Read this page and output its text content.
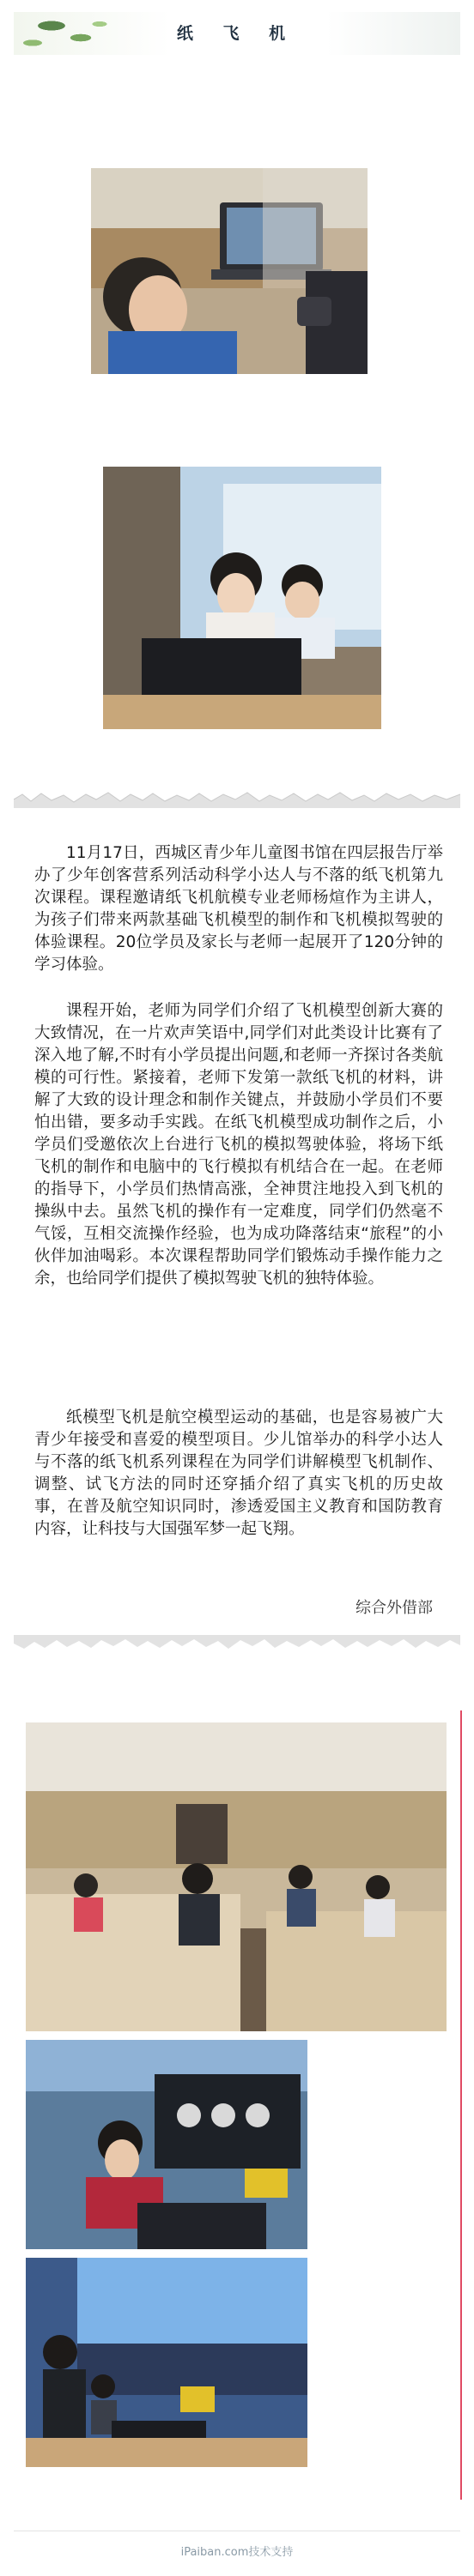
纸 飞 机

11月17日，西城区青少年儿童图书馆在四层报告厅举办了少年创客营系列活动科学小达人与不落的纸飞机第九次课程。课程邀请纸飞机航模专业老师杨煊作为主讲人，为孩子们带来两款基础飞机模型的制作和飞机模拟驾驶的体验课程。20位学员及家长与老师一起展开了120分钟的学习体验。

课程开始，老师为同学们介绍了飞机模型创新大赛的大致情况，在一片欢声笑语中,同学们对此类设计比赛有了深入地了解,不时有小学员提出问题,和老师一齐探讨各类航模的可行性。紧接着，老师下发第一款纸飞机的材料，讲解了大致的设计理念和制作关键点，并鼓励小学员们不要怕出错，要多动手实践。在纸飞机模型成功制作之后，小学员们受邀依次上台进行飞机的模拟驾驶体验，将场下纸飞机的制作和电脑中的飞行模拟有机结合在一起。在老师的指导下，小学员们热情高涨，全神贯注地投入到飞机的操纵中去。虽然飞机的操作有一定难度，同学们仍然毫不气馁，互相交流操作经验，也为成功降落结束“旅程”的小伙伴加油喝彩。本次课程帮助同学们锻炼动手操作能力之余，也给同学们提供了模拟驾驶飞机的独特体验。

纸模型飞机是航空模型运动的基础，也是容易被广大青少年接受和喜爱的模型项目。少儿馆举办的科学小达人与不落的纸飞机系列课程在为同学们讲解模型飞机制作、调整、试飞方法的同时还穿插介绍了真实飞机的历史故事，在普及航空知识同时，渗透爱国主义教育和国防教育内容，让科技与大国强军梦一起飞翔。

综合外借部
iPaiban.com技术支持
